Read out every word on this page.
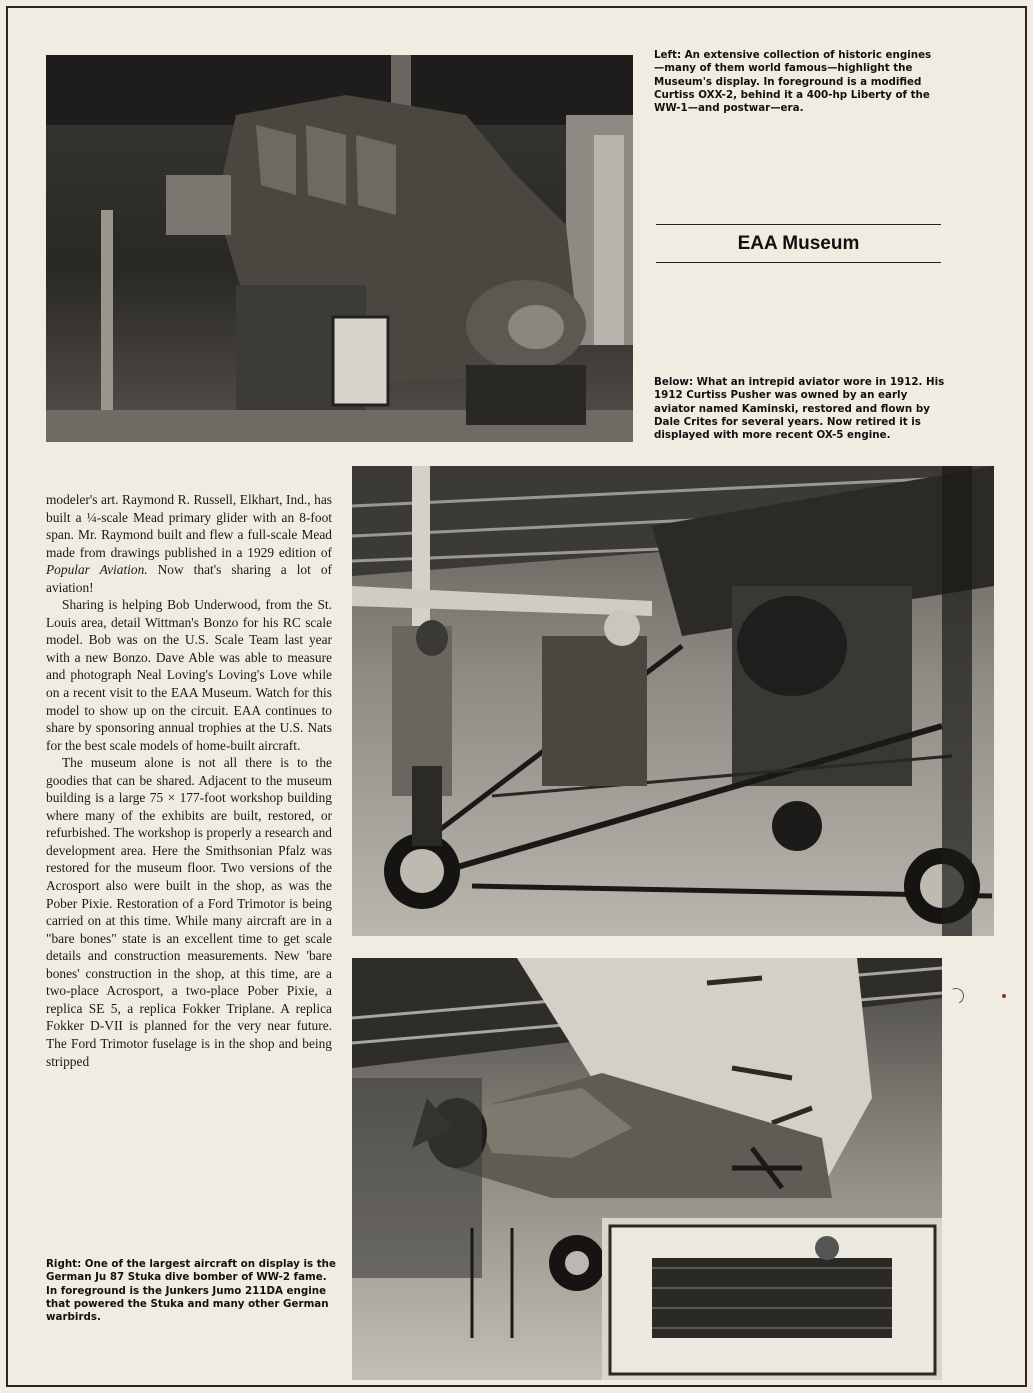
Left: An extensive collection of historic engines —many of them world famous—highlight the Museum's display. In foreground is a modified Curtiss OXX-2, behind it a 400-hp Liberty of the WW-1—and postwar—era.

EAA Museum

Below: What an intrepid aviator wore in 1912. His 1912 Curtiss Pusher was owned by an early aviator named Kaminski, restored and flown by Dale Crites for several years. Now retired it is displayed with more recent OX-5 engine.

modeler's art. Raymond R. Russell, Elkhart, Ind., has built a ¼-scale Mead primary glider with an 8-foot span. Mr. Raymond built and flew a full-scale Mead made from drawings published in a 1929 edition of Popular Aviation. Now that's sharing a lot of aviation!

Sharing is helping Bob Underwood, from the St. Louis area, detail Wittman's Bonzo for his RC scale model. Bob was on the U.S. Scale Team last year with a new Bonzo. Dave Able was able to measure and photograph Neal Loving's Loving's Love while on a recent visit to the EAA Museum. Watch for this model to show up on the circuit. EAA continues to share by sponsoring annual trophies at the U.S. Nats for the best scale models of home-built aircraft.

The museum alone is not all there is to the goodies that can be shared. Adjacent to the museum building is a large 75 × 177-foot workshop building where many of the exhibits are built, restored, or refurbished. The workshop is properly a research and development area. Here the Smithsonian Pfalz was restored for the museum floor. Two versions of the Acrosport also were built in the shop, as was the Pober Pixie. Restoration of a Ford Trimotor is being carried on at this time. While many aircraft are in a "bare bones" state is an excellent time to get scale details and construction measurements. New 'bare bones' construction in the shop, at this time, are a two-place Acrosport, a two-place Pober Pixie, a replica SE 5, a replica Fokker Triplane. A replica Fokker D-VII is planned for the very near future. The Ford Trimotor fuselage is in the shop and being stripped

Right: One of the largest aircraft on display is the German Ju 87 Stuka dive bomber of WW-2 fame. In foreground is the Junkers Jumo 211DA engine that powered the Stuka and many other German warbirds.
